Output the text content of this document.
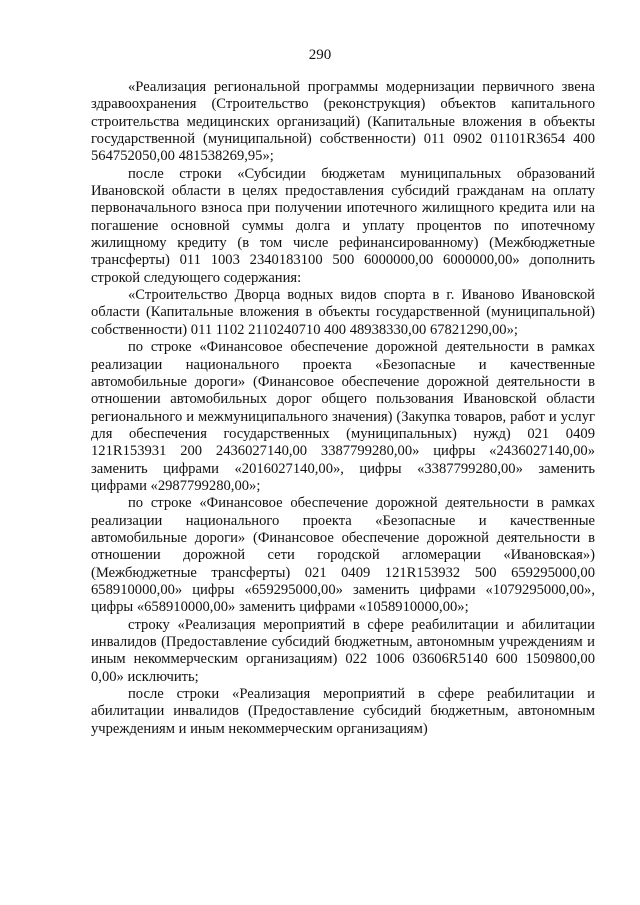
290

«Реализация региональной программы модернизации первичного звена здравоохранения (Строительство (реконструкция) объектов капитального строительства медицинских организаций) (Капитальные вложения в объекты государственной (муниципальной) собственности) 011 0902 01101R3654 400 564752050,00 481538269,95»;

после строки «Субсидии бюджетам муниципальных образований Ивановской области в целях предоставления субсидий гражданам на оплату первоначального взноса при получении ипотечного жилищного кредита или на погашение основной суммы долга и уплату процентов по ипотечному жилищному кредиту (в том числе рефинансированному) (Межбюджетные трансферты) 011 1003 2340183100 500 6000000,00 6000000,00» дополнить строкой следующего содержания:

«Строительство Дворца водных видов спорта в г. Иваново Ивановской области (Капитальные вложения в объекты государственной (муниципальной) собственности) 011 1102 2110240710 400 48938330,00 67821290,00»;

по строке «Финансовое обеспечение дорожной деятельности в рамках реализации национального проекта «Безопасные и качественные автомобильные дороги» (Финансовое обеспечение дорожной деятельности в отношении автомобильных дорог общего пользования Ивановской области регионального и межмуниципального значения) (Закупка товаров, работ и услуг для обеспечения государственных (муниципальных) нужд) 021 0409 121R153931 200 2436027140,00 3387799280,00» цифры «2436027140,00» заменить цифрами «2016027140,00», цифры «3387799280,00» заменить цифрами «2987799280,00»;

по строке «Финансовое обеспечение дорожной деятельности в рамках реализации национального проекта «Безопасные и качественные автомобильные дороги» (Финансовое обеспечение дорожной деятельности в отношении дорожной сети городской агломерации «Ивановская») (Межбюджетные трансферты) 021 0409 121R153932 500 659295000,00 658910000,00» цифры «659295000,00» заменить цифрами «1079295000,00», цифры «658910000,00» заменить цифрами «1058910000,00»;

строку «Реализация мероприятий в сфере реабилитации и абилитации инвалидов (Предоставление субсидий бюджетным, автономным учреждениям и иным некоммерческим организациям) 022 1006 03606R5140 600 1509800,00 0,00» исключить;

после строки «Реализация мероприятий в сфере реабилитации и абилитации инвалидов (Предоставление субсидий бюджетным, автономным учреждениям и иным некоммерческим организациям)
